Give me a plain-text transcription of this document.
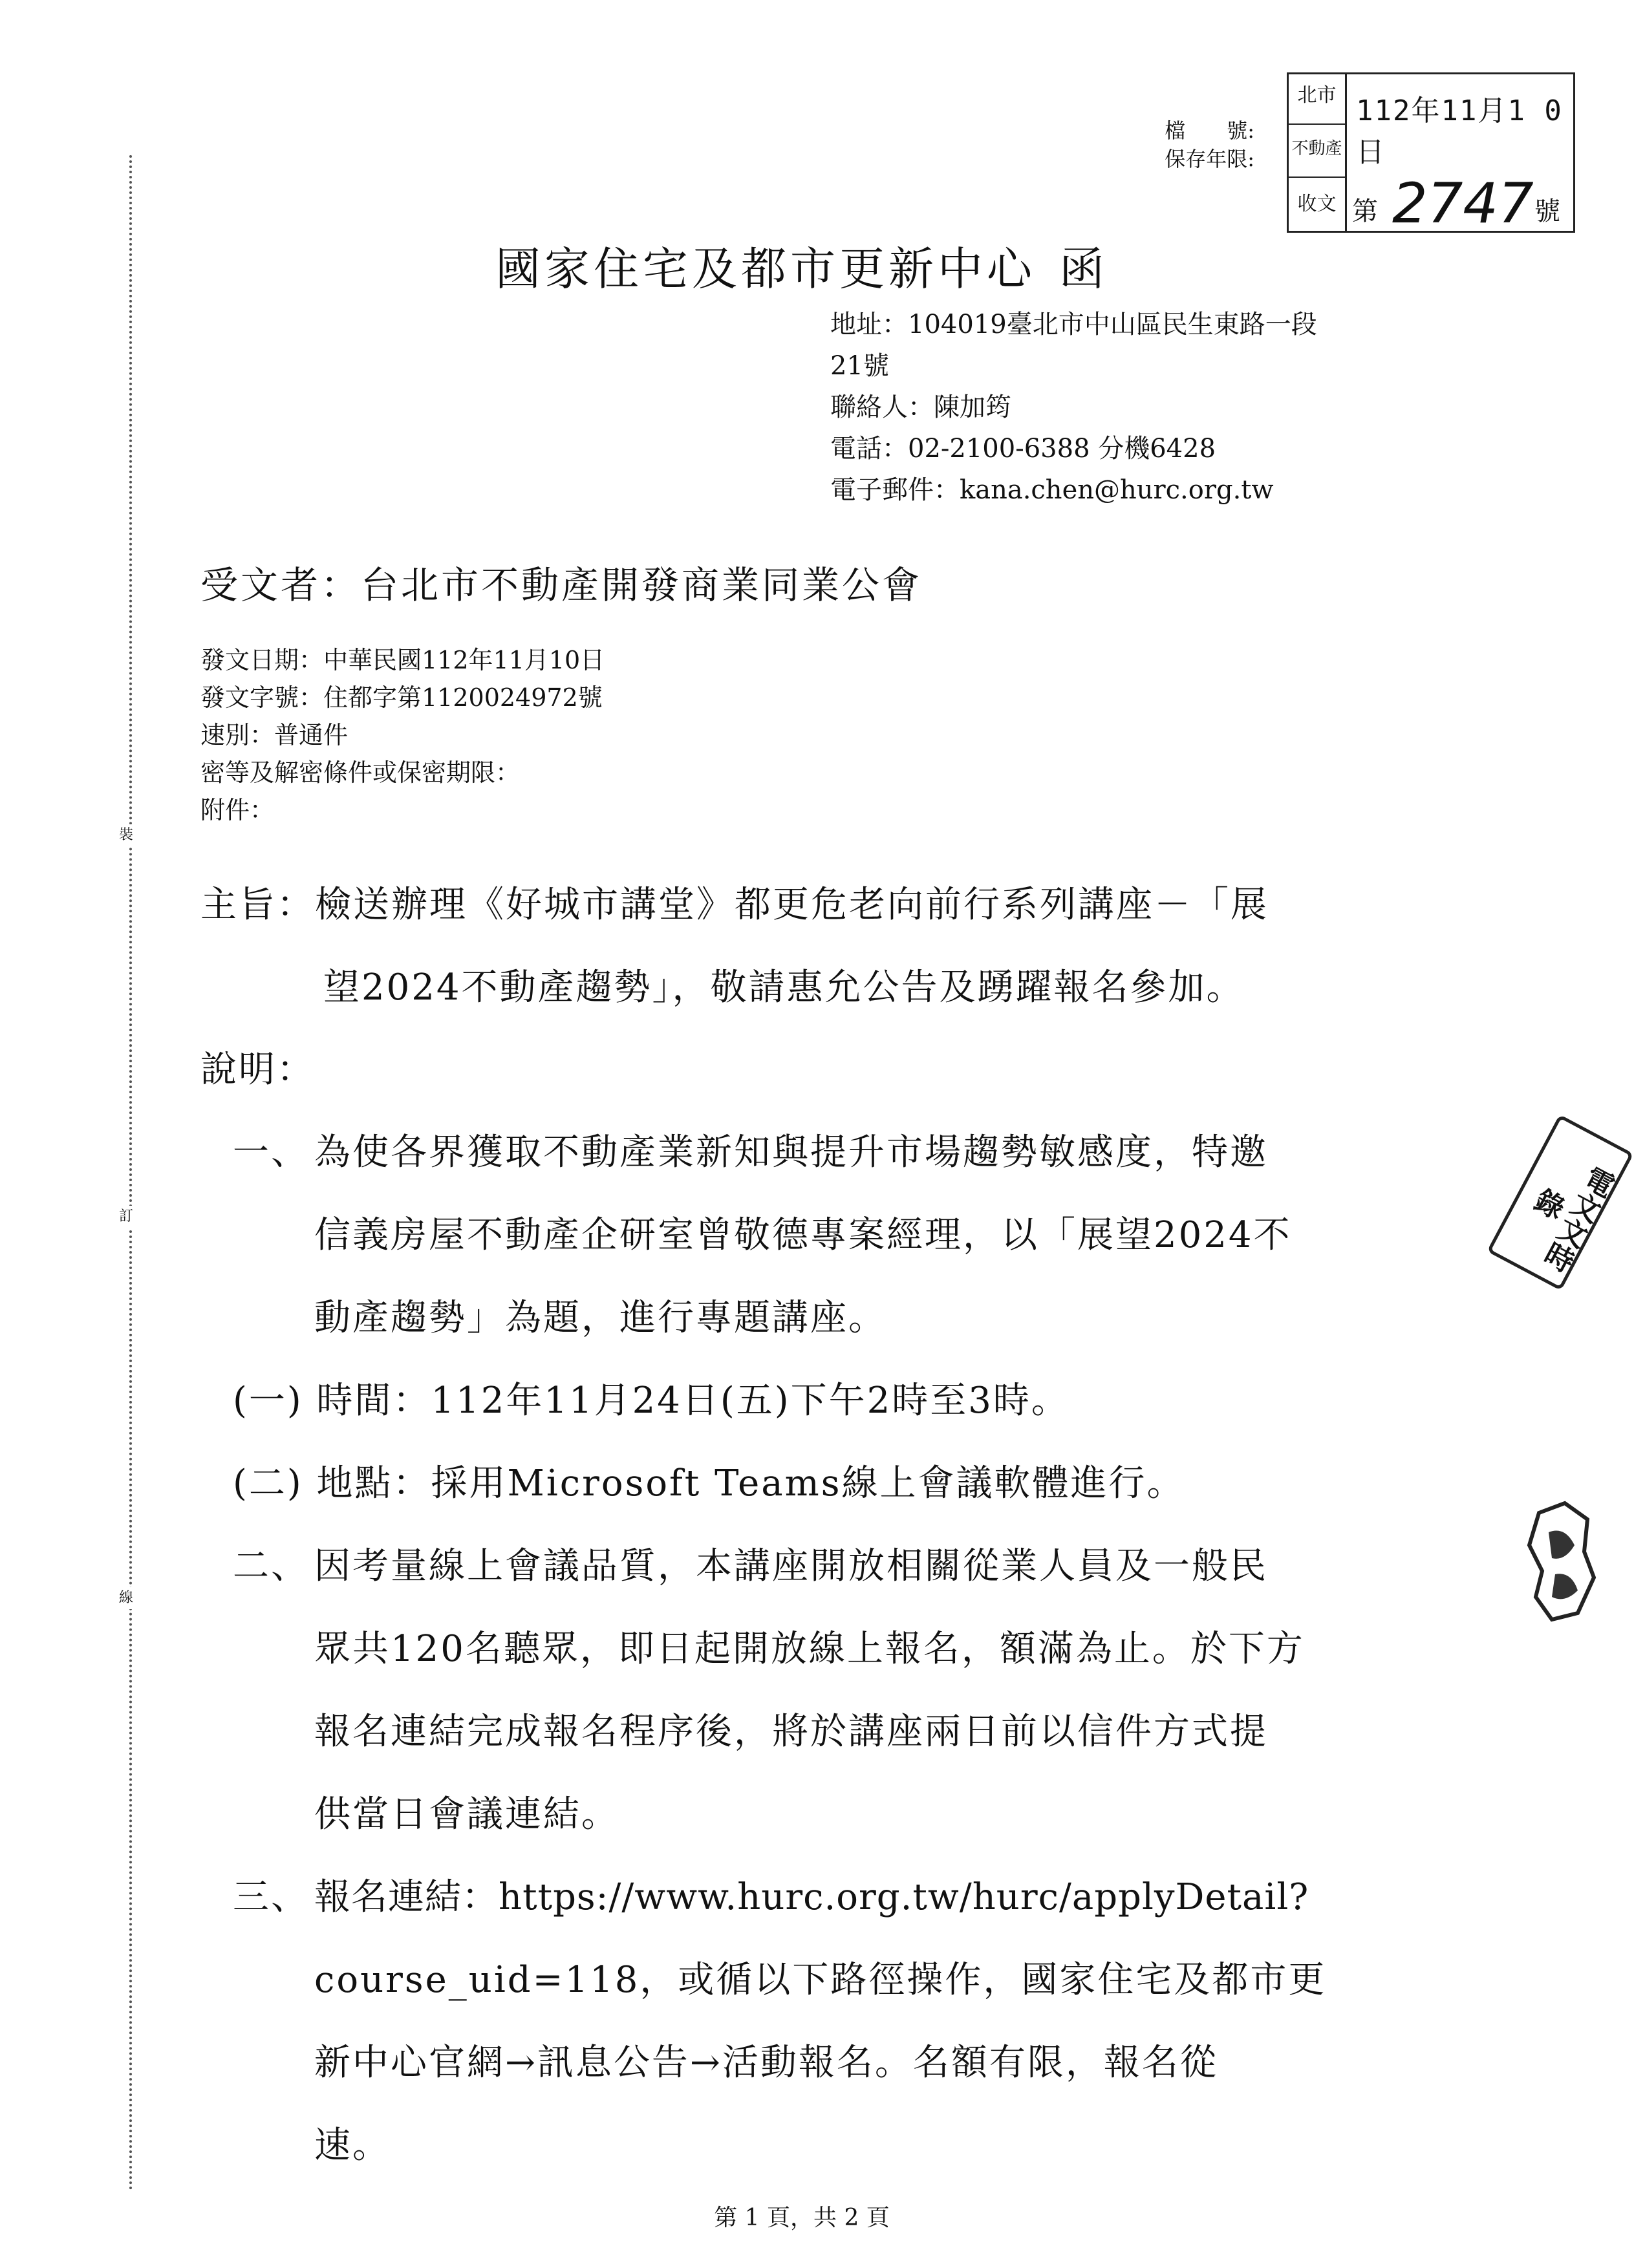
裝
訂
線
檔　　號:
保存年限:
北市
不動產
收文
112年11月1 0日
第 2747 號
國家住宅及都市更新中心 函
地址：104019臺北市中山區民生東路一段
21號
聯絡人：陳加筠
電話：02-2100-6388 分機6428
電子郵件：kana.chen@hurc.org.tw
受文者：台北市不動產開發商業同業公會
發文日期：中華民國112年11月10日
發文字號：住都字第1120024972號
速別：普通件
密等及解密條件或保密期限：
附件：
主旨：檢送辦理《好城市講堂》都更危老向前行系列講座－「展
望2024不動產趨勢」，敬請惠允公告及踴躍報名參加。
說明：
一、 為使各界獲取不動產業新知與提升市場趨勢敏感度，特邀
信義房屋不動產企研室曾敬德專案經理，以「展望2024不
動產趨勢」為題，進行專題講座。
(一) 時間：112年11月24日(五)下午2時至3時。
(二) 地點：採用Microsoft Teams線上會議軟體進行。
二、 因考量線上會議品質，本講座開放相關從業人員及一般民
眾共120名聽眾，即日起開放線上報名，額滿為止。於下方
報名連結完成報名程序後，將於講座兩日前以信件方式提
供當日會議連結。
三、 報名連結：https://www.hurc.org.tw/hurc/applyDetail?
course_uid=118，或循以下路徑操作，國家住宅及都市更
新中心官網→訊息公告→活動報名。名額有限，報名從
速。
第 1 頁，共 2 頁
電文文時錄
